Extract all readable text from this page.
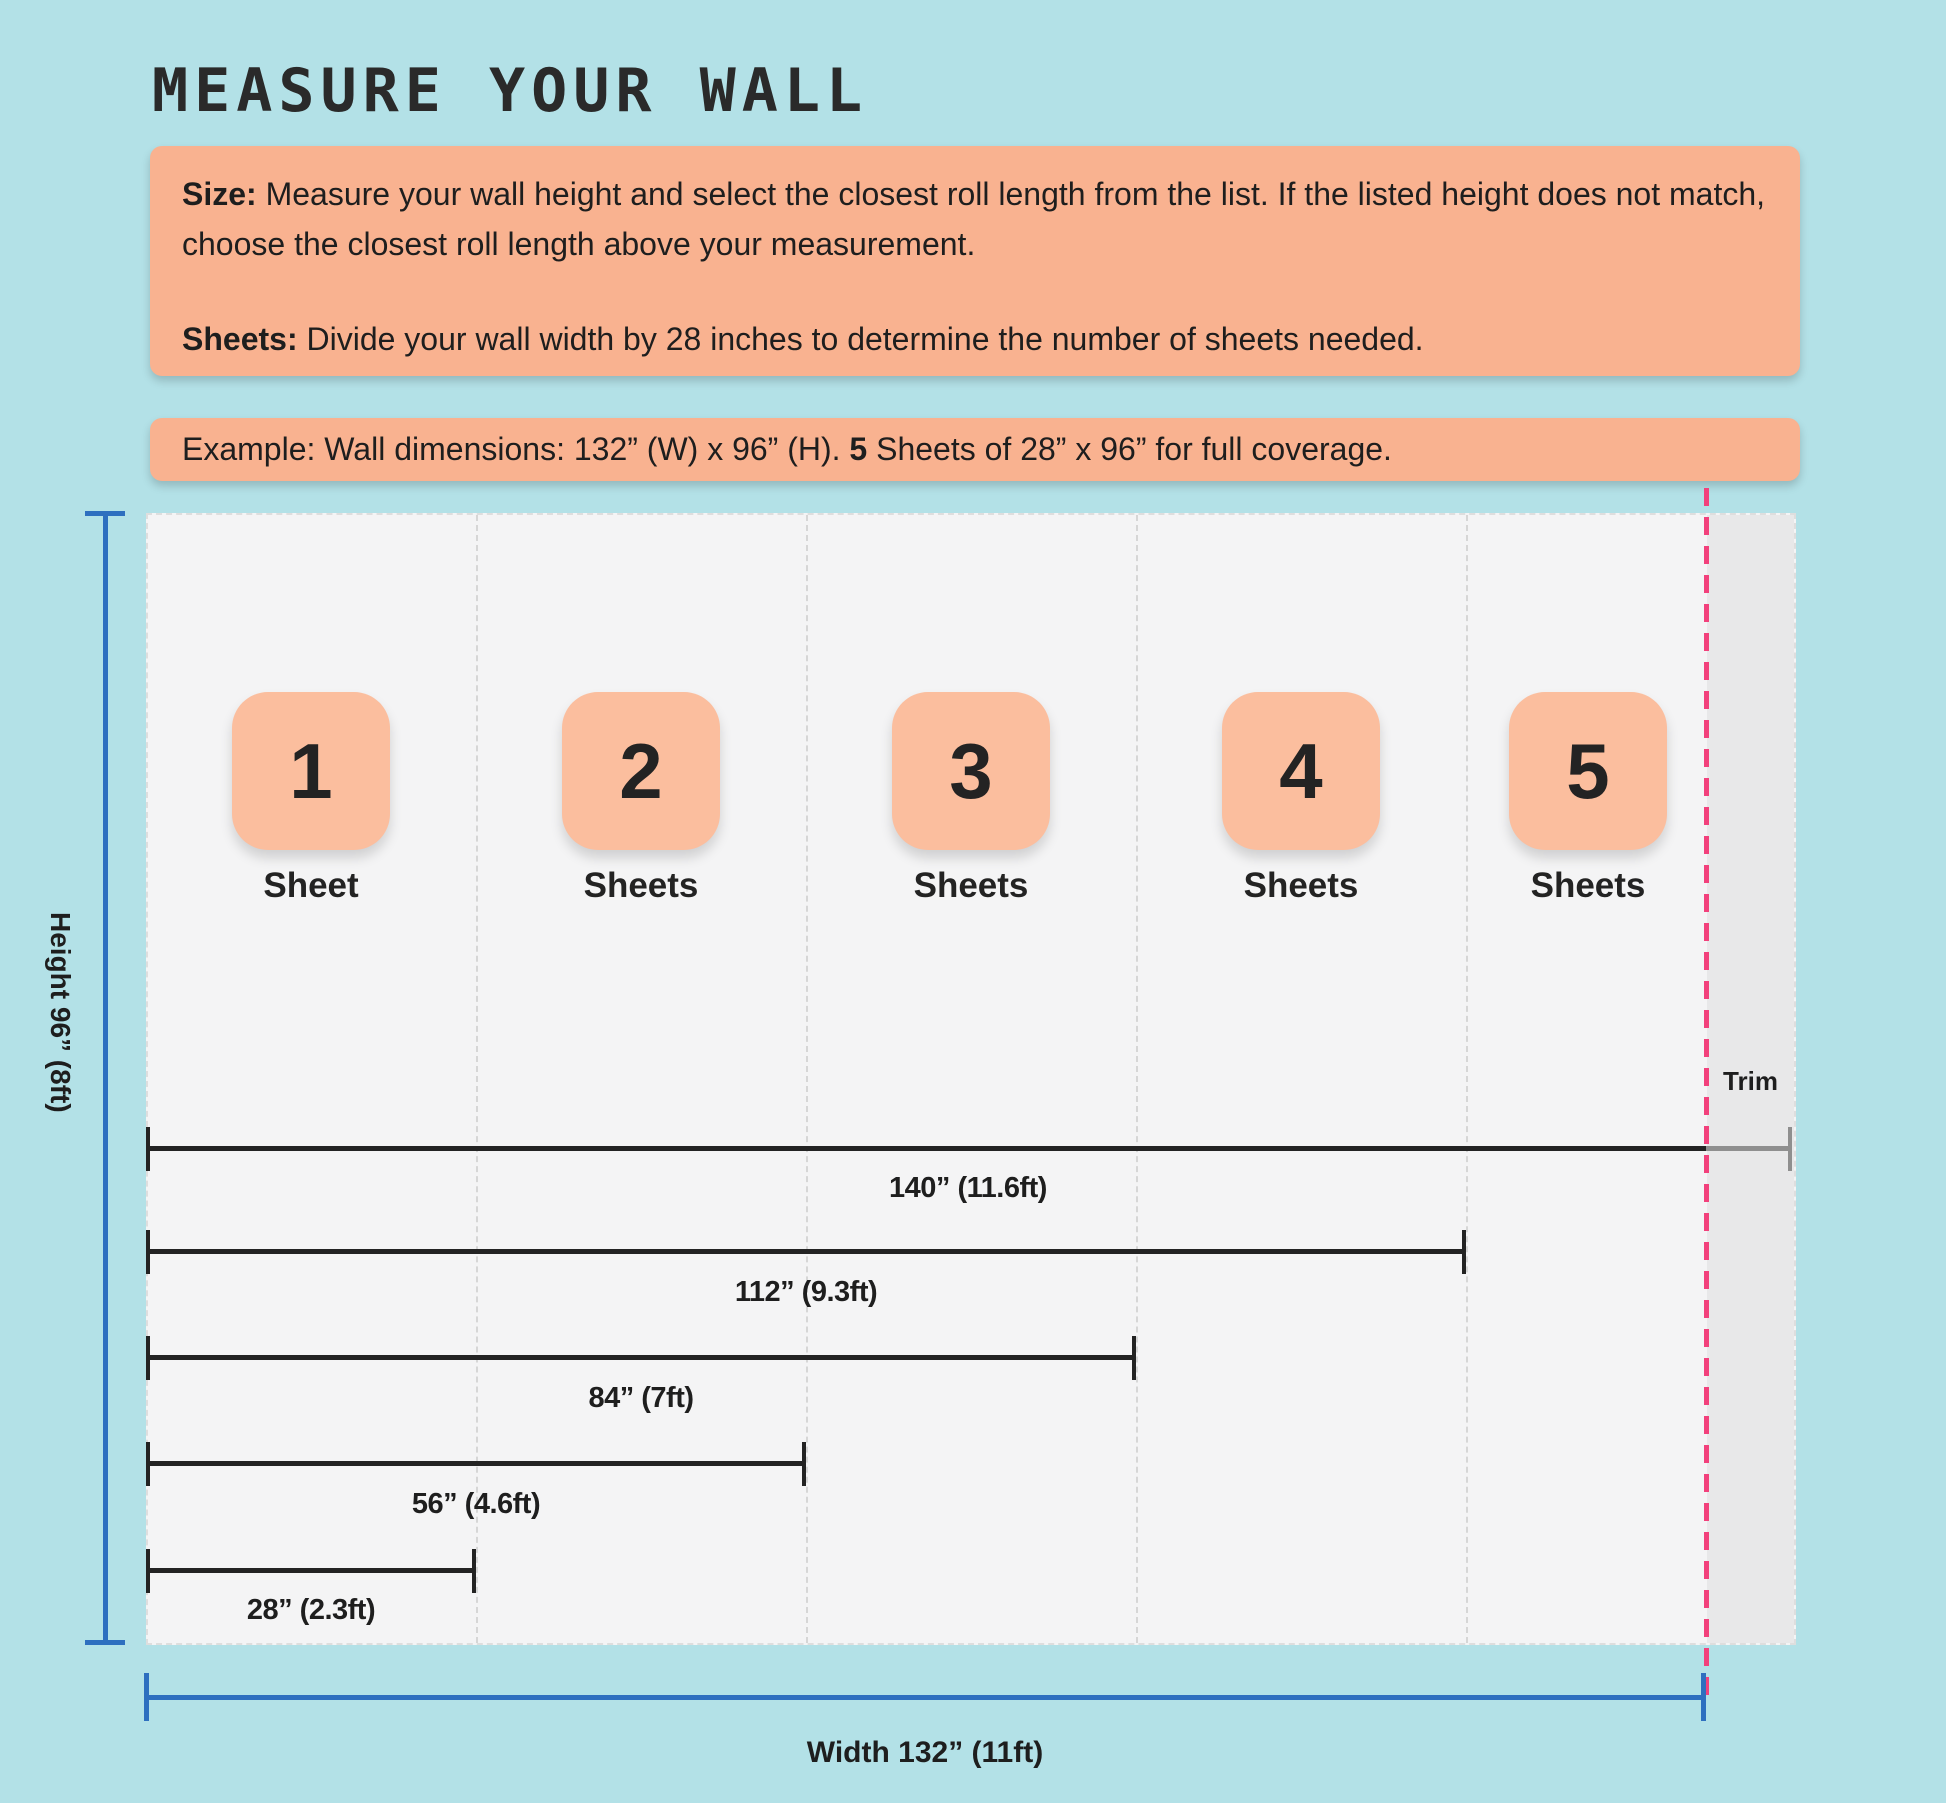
MEASURE YOUR WALL

Size: Measure your wall height and select the closest roll length from the list. If the listed height does not match, choose the closest roll length above your measurement.

Sheets: Divide your wall width by 28 inches to determine the number of sheets needed.

Example: Wall dimensions: 132” (W) x 96” (H). 5 Sheets of 28” x 96” for full coverage.

Trim
1	2	3	4	5
Sheet	Sheets	Sheets	Sheets	Sheets
140” (11.6ft)
112” (9.3ft)
84” (7ft)
56” (4.6ft)
28” (2.3ft)
Height 96” (8ft)
Width 132” (11ft)
